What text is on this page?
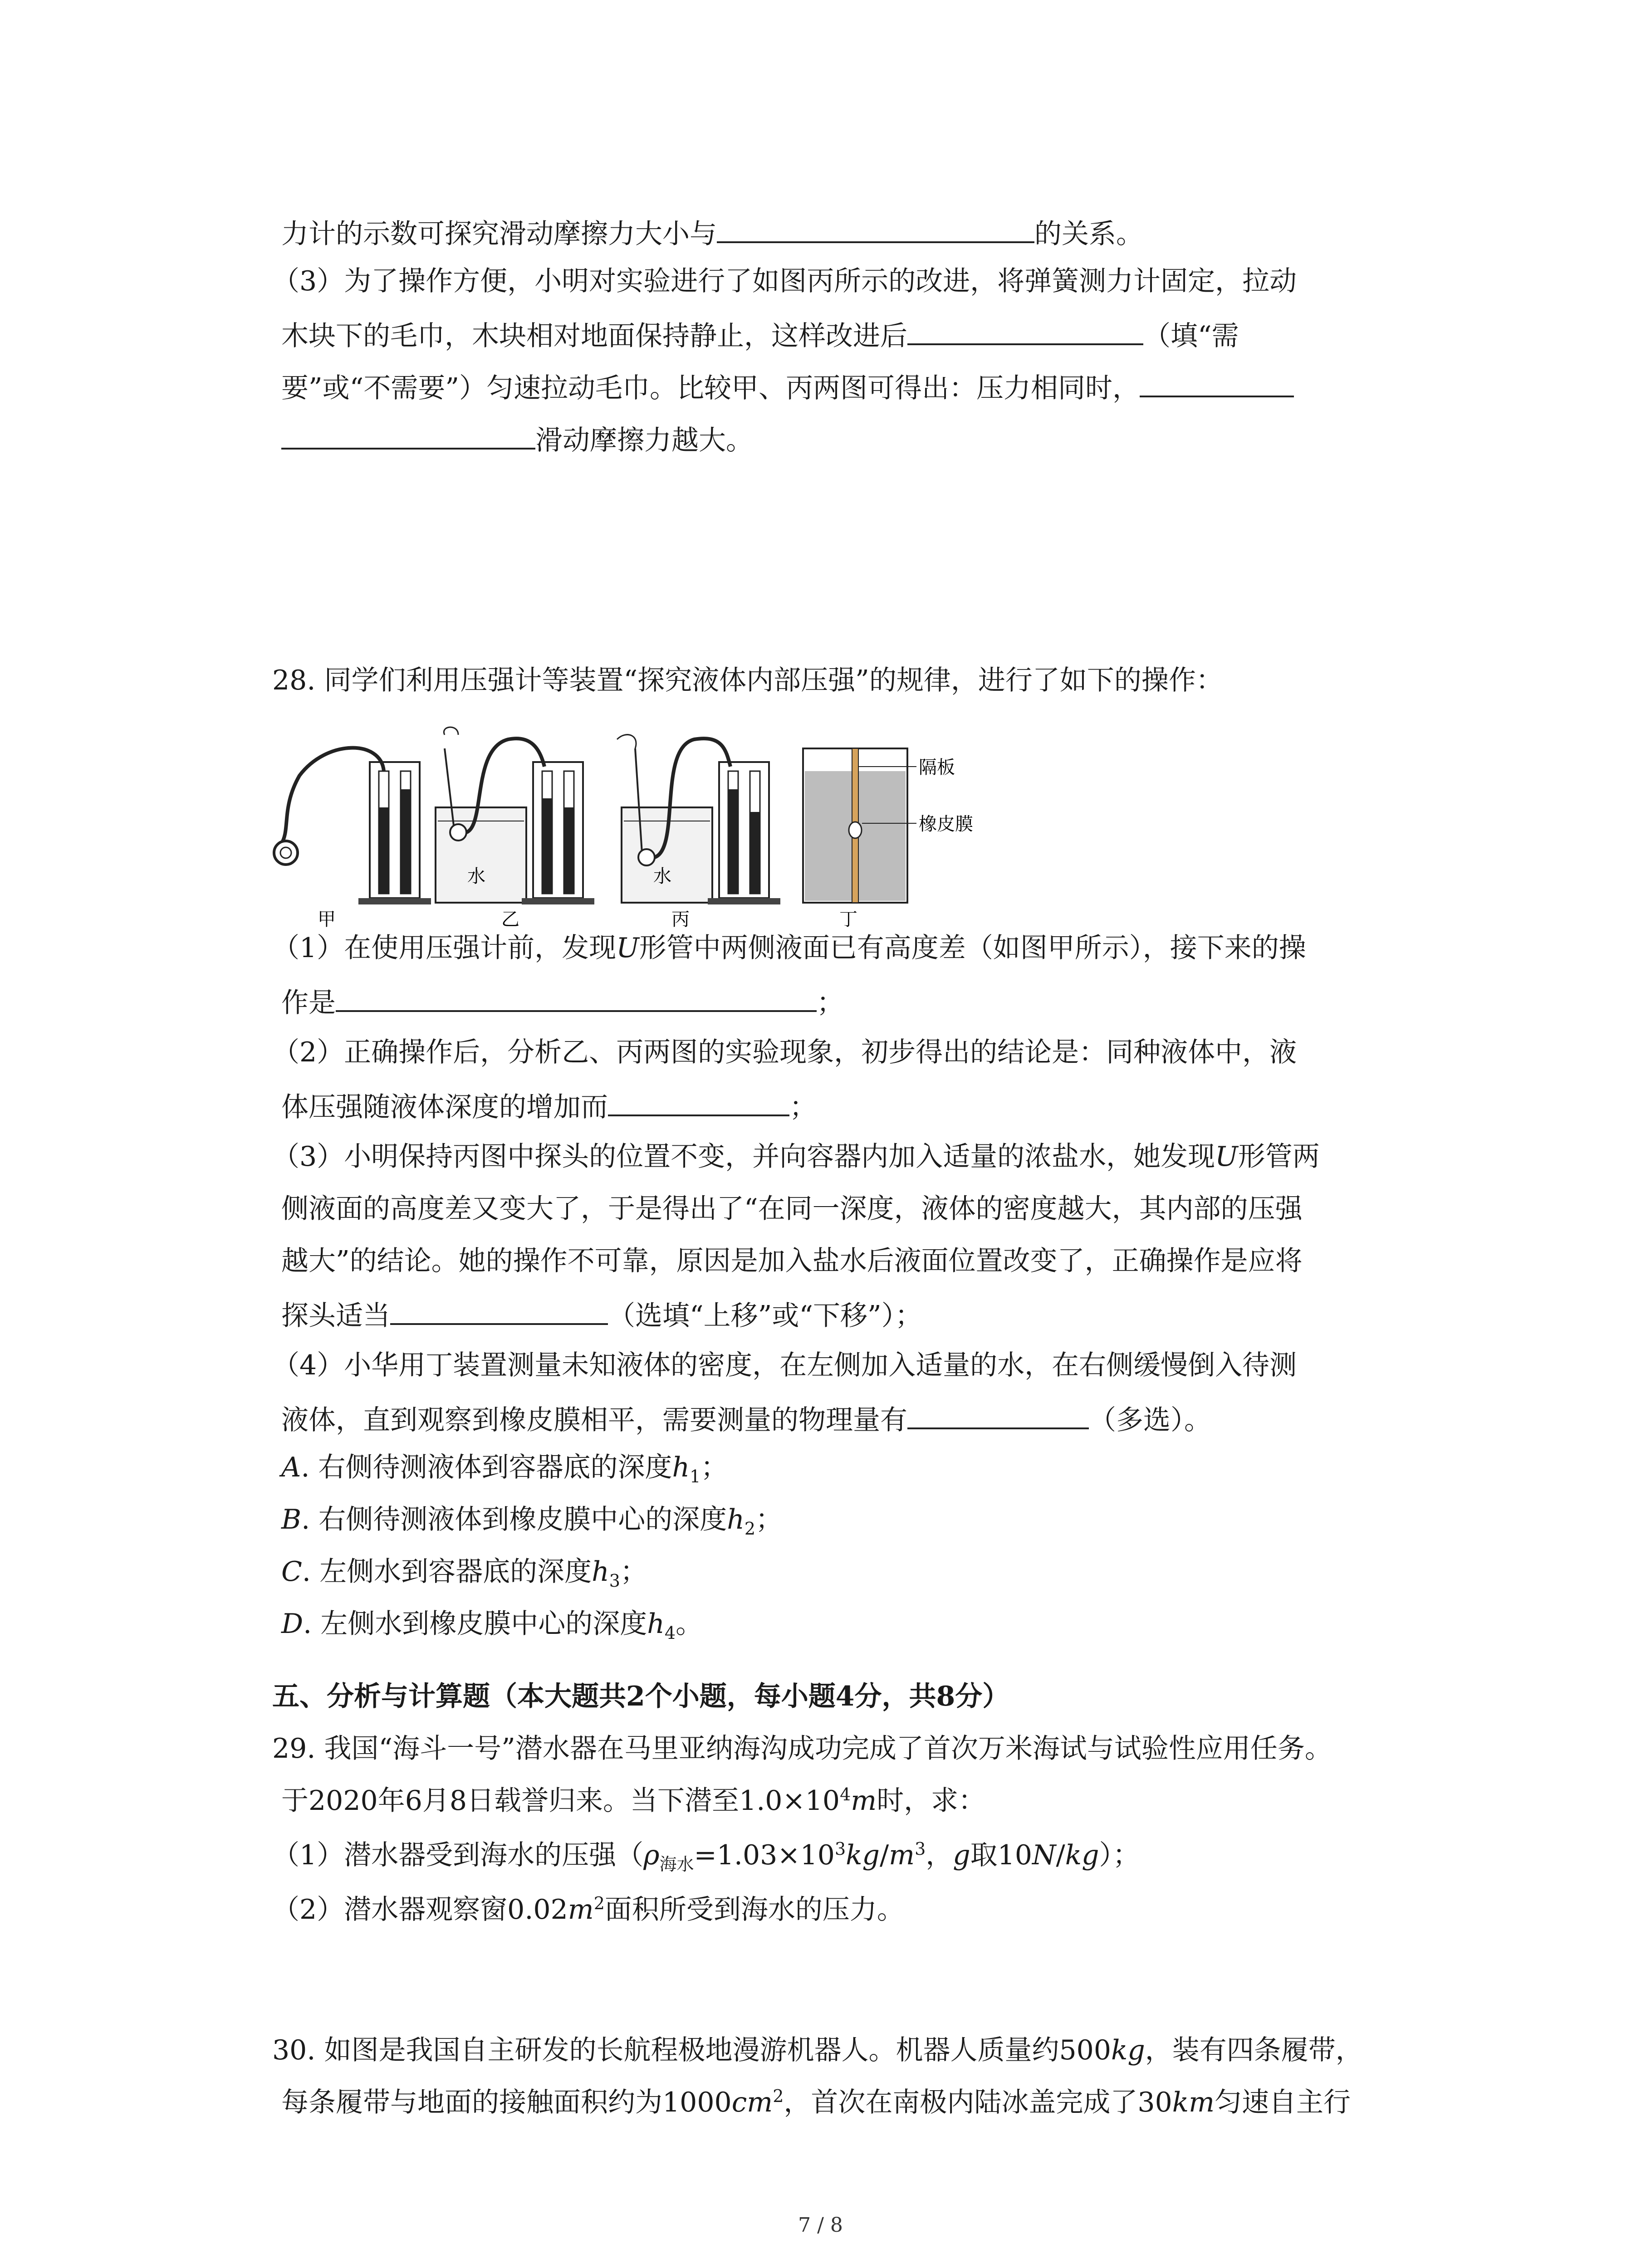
力计的示数可探究滑动摩擦力大小与	的关系。
（3）为了操作方便，小明对实验进行了如图丙所示的改进，将弹簧测力计固定，拉动
木块下的毛巾，木块相对地面保持静止，这样改进后	（填“需
要”或“不需要”）匀速拉动毛巾。比较甲、丙两图可得出：压力相同时，
滑动摩擦力越大。
28. 同学们利用压强计等装置“探究液体内部压强”的规律，进行了如下的操作：
隔板
橡皮膜
水	水
甲	乙	丙	丁
（1）在使用压强计前，发现U形管中两侧液面已有高度差（如图甲所示），接下来的操
作是	；
（2）正确操作后，分析乙、丙两图的实验现象，初步得出的结论是：同种液体中，液
体压强随液体深度的增加而	；
（3）小明保持丙图中探头的位置不变，并向容器内加入适量的浓盐水，她发现U形管两
侧液面的高度差又变大了，于是得出了“在同一深度，液体的密度越大，其内部的压强
越大”的结论。她的操作不可靠，原因是加入盐水后液面位置改变了，正确操作是应将
探头适当	（选填“上移”或“下移”）；
（4）小华用丁装置测量未知液体的密度，在左侧加入适量的水，在右侧缓慢倒入待测
液体，直到观察到橡皮膜相平，需要测量的物理量有	（多选）。
A. 右侧待测液体到容器底的深度$h_1$；
B. 右侧待测液体到橡皮膜中心的深度$h_2$；
C. 左侧水到容器底的深度$h_3$；
D. 左侧水到橡皮膜中心的深度$h_4$。
五、分析与计算题（本大题共2个小题，每小题4分，共8分）
29. 我国“海斗一号”潜水器在马里亚纳海沟成功完成了首次万米海试与试验性应用任务。
于2020年6月8日载誉归来。当下潜至$1.0\times 10^4m$时，求：
（1）潜水器受到海水的压强（$\rho_{海水}=1.03\times 10^3kg/m^3$，g取10N/kg）；
（2）潜水器观察窗$0.02m^2$面积所受到海水的压力。
30. 如图是我国自主研发的长航程极地漫游机器人。机器人质量约500kg，装有四条履带，
每条履带与地面的接触面积约为$1000cm^2$，首次在南极内陆冰盖完成了30km匀速自主行
7 / 8
